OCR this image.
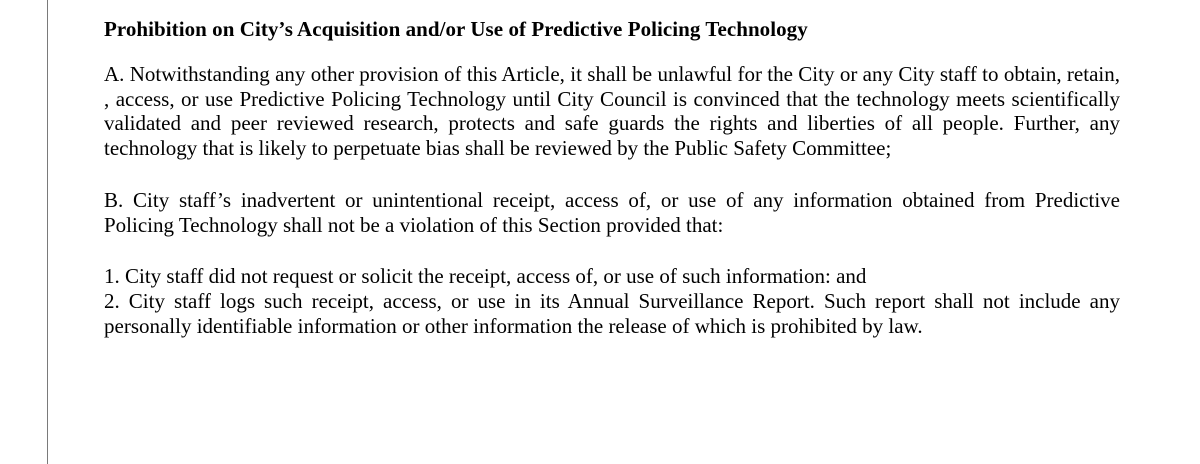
Prohibition on City’s Acquisition and/or Use of Predictive Policing Technology

A. Notwithstanding any other provision of this Article, it shall be unlawful for the City or any City staff to obtain, retain, , access, or use Predictive Policing Technology until City Council is convinced that the technology meets scientifically validated and peer reviewed research, protects and safe guards the rights and liberties of all people. Further, any technology that is likely to perpetuate bias shall be reviewed by the Public Safety Committee;

B. City staff’s inadvertent or unintentional receipt, access of, or use of any information obtained from Predictive Policing Technology shall not be a violation of this Section provided that:

1. City staff did not request or solicit the receipt, access of, or use of such information: and
2. City staff logs such receipt, access, or use in its Annual Surveillance Report. Such report shall not include any personally identifiable information or other information the release of which is prohibited by law.
